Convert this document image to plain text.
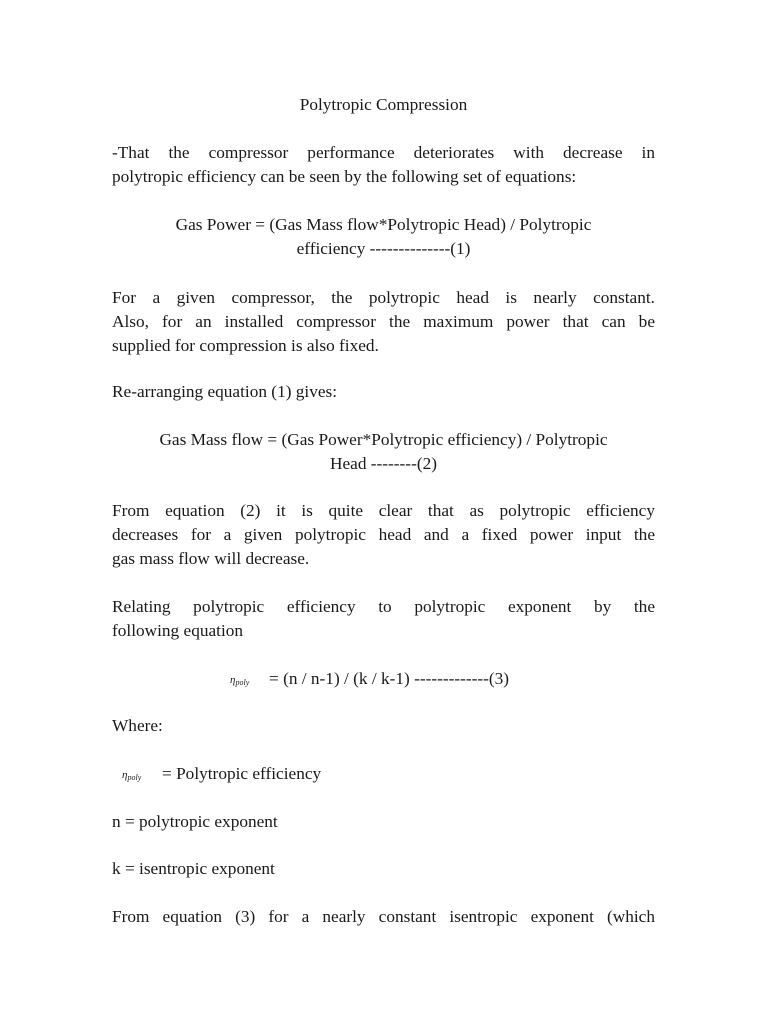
Polytropic Compression
-That the compressor performance deteriorates with decrease in
polytropic efficiency can be seen by the following set of equations:
Gas Power = (Gas Mass flow*Polytropic Head) / Polytropic
efficiency --------------(1)
For a given compressor, the polytropic head is nearly constant.
Also, for an installed compressor the maximum power that can be
supplied for compression is also fixed.
Re-arranging equation (1) gives:
Gas Mass flow = (Gas Power*Polytropic efficiency) / Polytropic
Head --------(2)
From equation (2) it is quite clear that as polytropic efficiency
decreases for a given polytropic head and a fixed power input the
gas mass flow will decrease.
Relating polytropic efficiency to polytropic exponent by the
following equation
$\eta_{poly} = (n / n-1) / (k / k-1)$ -------------(3)
Where:
$\eta_{poly}$ = Polytropic efficiency
n = polytropic exponent
k = isentropic exponent
From equation (3) for a nearly constant isentropic exponent (which
